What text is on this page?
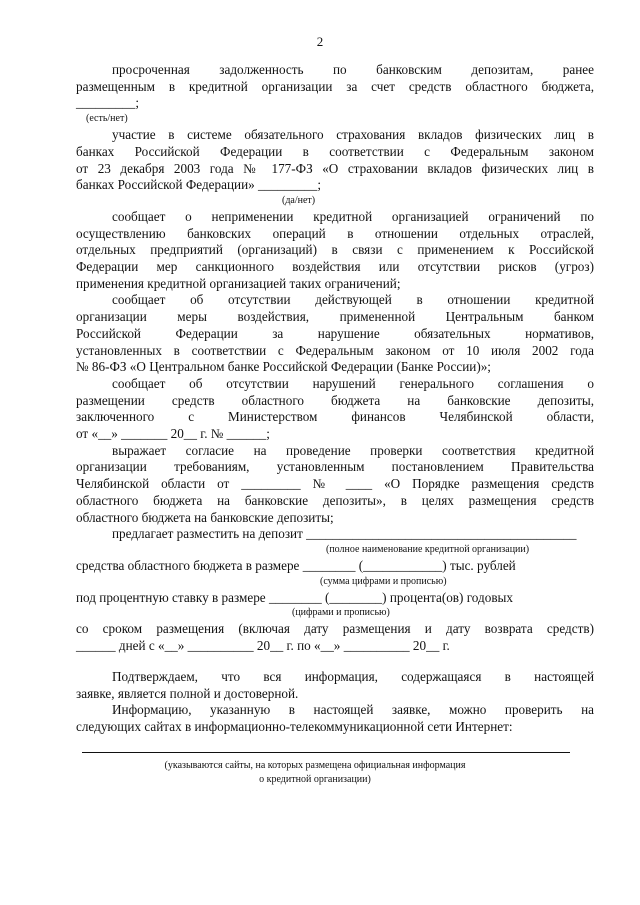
2
просроченная задолженность по банковским депозитам, ранее
размещенным в кредитной организации за счет средств областного бюджета,
_________;
(есть/нет)
участие в системе обязательного страхования вкладов физических лиц в
банках Российской Федерации в соответствии с Федеральным законом
от 23 декабря 2003 года № 177-ФЗ «О страховании вкладов физических лиц в
банках Российской Федерации» _________;
(да/нет)
сообщает о неприменении кредитной организацией ограничений по
осуществлению банковских операций в отношении отдельных отраслей,
отдельных предприятий (организаций) в связи с применением к Российской
Федерации мер санкционного воздействия или отсутствии рисков (угроз)
применения кредитной организацией таких ограничений;
сообщает об отсутствии действующей в отношении кредитной
организации меры воздействия, примененной Центральным банком
Российской Федерации за нарушение обязательных нормативов,
установленных в соответствии с Федеральным законом от 10 июля 2002 года
№ 86-ФЗ «О Центральном банке Российской Федерации (Банке России)»;
сообщает об отсутствии нарушений генерального соглашения о
размещении средств областного бюджета на банковские депозиты,
заключенного с Министерством финансов Челябинской области,
от «__» _______ 20__ г. № ______;
выражает согласие на проведение проверки соответствия кредитной
организации требованиям, установленным постановлением Правительства
Челябинской области от _________ № ____ «О Порядке размещения средств
областного бюджета на банковские депозиты», в целях размещения средств
областного бюджета на банковские депозиты;
предлагает разместить на депозит _________________________________________
(полное наименование кредитной организации)
средства областного бюджета в размере ________ (____________) тыс. рублей
(сумма цифрами и прописью)
под процентную ставку в размере ________ (________) процента(ов) годовых
(цифрами и прописью)
со сроком размещения (включая дату размещения и дату возврата средств)
______ дней с «__» __________ 20__ г. по «__» __________ 20__ г.
Подтверждаем, что вся информация, содержащаяся в настоящей
заявке, является полной и достоверной.
Информацию, указанную в настоящей заявке, можно проверить на
следующих сайтах в информационно-телекоммуникационной сети Интернет:
(указываются сайты, на которых размещена официальная информация
о кредитной организации)
